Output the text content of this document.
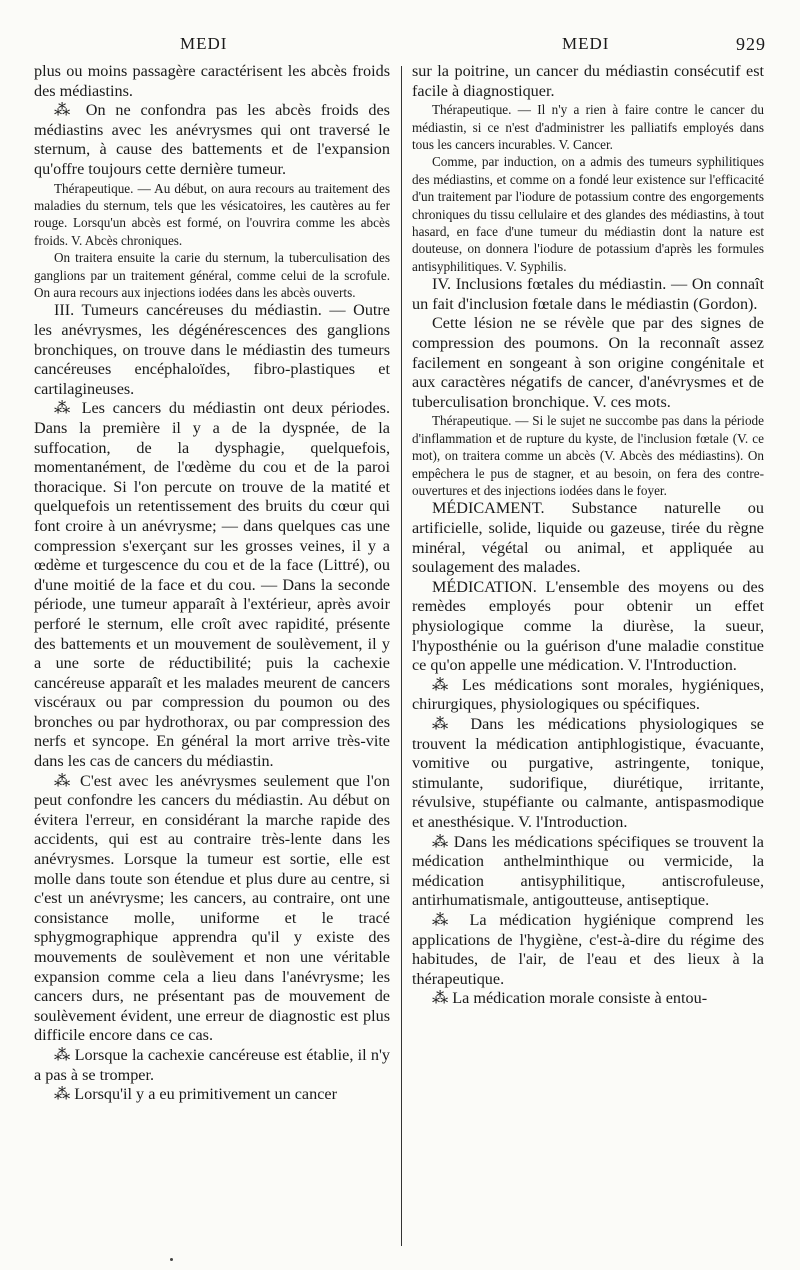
MEDI	MEDI	929

plus ou moins passagère caractérisent les abcès froids des médiastins.

⁂ On ne confondra pas les abcès froids des médiastins avec les anévrysmes qui ont traversé le sternum, à cause des battements et de l'expansion qu'offre toujours cette dernière tumeur.

Thérapeutique. — Au début, on aura recours au traitement des maladies du sternum, tels que les vésicatoires, les cautères au fer rouge. Lorsqu'un abcès est formé, on l'ouvrira comme les abcès froids. V. Abcès chroniques.

On traitera ensuite la carie du sternum, la tuberculisation des ganglions par un traitement général, comme celui de la scrofule. On aura recours aux injections iodées dans les abcès ouverts.

III. Tumeurs cancéreuses du médiastin. — Outre les anévrysmes, les dégénérescences des ganglions bronchiques, on trouve dans le médiastin des tumeurs cancéreuses encéphaloïdes, fibro-plastiques et cartilagineuses.

⁂ Les cancers du médiastin ont deux périodes. Dans la première il y a de la dyspnée, de la suffocation, de la dysphagie, quelquefois, momentanément, de l'œdème du cou et de la paroi thoracique. Si l'on percute on trouve de la matité et quelquefois un retentissement des bruits du cœur qui font croire à un anévrysme; — dans quelques cas une compression s'exerçant sur les grosses veines, il y a œdème et turgescence du cou et de la face (Littré), ou d'une moitié de la face et du cou. — Dans la seconde période, une tumeur apparaît à l'extérieur, après avoir perforé le sternum, elle croît avec rapidité, présente des battements et un mouvement de soulèvement, il y a une sorte de réductibilité; puis la cachexie cancéreuse apparaît et les malades meurent de cancers viscéraux ou par compression du poumon ou des bronches ou par hydrothorax, ou par compression des nerfs et syncope. En général la mort arrive très-vite dans les cas de cancers du médiastin.

⁂ C'est avec les anévrysmes seulement que l'on peut confondre les cancers du médiastin. Au début on évitera l'erreur, en considérant la marche rapide des accidents, qui est au contraire très-lente dans les anévrysmes. Lorsque la tumeur est sortie, elle est molle dans toute son étendue et plus dure au centre, si c'est un anévrysme; les cancers, au contraire, ont une consistance molle, uniforme et le tracé sphygmographique apprendra qu'il y existe des mouvements de soulèvement et non une véritable expansion comme cela a lieu dans l'anévrysme; les cancers durs, ne présentant pas de mouvement de soulèvement évident, une erreur de diagnostic est plus difficile encore dans ce cas.

⁂ Lorsque la cachexie cancéreuse est établie, il n'y a pas à se tromper.

⁂ Lorsqu'il y a eu primitivement un cancer

sur la poitrine, un cancer du médiastin consécutif est facile à diagnostiquer.

Thérapeutique. — Il n'y a rien à faire contre le cancer du médiastin, si ce n'est d'administrer les palliatifs employés dans tous les cancers incurables. V. Cancer.

Comme, par induction, on a admis des tumeurs syphilitiques des médiastins, et comme on a fondé leur existence sur l'efficacité d'un traitement par l'iodure de potassium contre des engorgements chroniques du tissu cellulaire et des glandes des médiastins, à tout hasard, en face d'une tumeur du médiastin dont la nature est douteuse, on donnera l'iodure de potassium d'après les formules antisyphilitiques. V. Syphilis.

IV. Inclusions fœtales du médiastin. — On connaît un fait d'inclusion fœtale dans le médiastin (Gordon).

Cette lésion ne se révèle que par des signes de compression des poumons. On la reconnaît assez facilement en songeant à son origine congénitale et aux caractères négatifs de cancer, d'anévrysmes et de tuberculisation bronchique. V. ces mots.

Thérapeutique. — Si le sujet ne succombe pas dans la période d'inflammation et de rupture du kyste, de l'inclusion fœtale (V. ce mot), on traitera comme un abcès (V. Abcès des médiastins). On empêchera le pus de stagner, et au besoin, on fera des contre-ouvertures et des injections iodées dans le foyer.

MÉDICAMENT. Substance naturelle ou artificielle, solide, liquide ou gazeuse, tirée du règne minéral, végétal ou animal, et appliquée au soulagement des malades.

MÉDICATION. L'ensemble des moyens ou des remèdes employés pour obtenir un effet physiologique comme la diurèse, la sueur, l'hyposthénie ou la guérison d'une maladie constitue ce qu'on appelle une médication. V. l'Introduction.

⁂ Les médications sont morales, hygiéniques, chirurgiques, physiologiques ou spécifiques.

⁂ Dans les médications physiologiques se trouvent la médication antiphlogistique, évacuante, vomitive ou purgative, astringente, tonique, stimulante, sudorifique, diurétique, irritante, révulsive, stupéfiante ou calmante, antispasmodique et anesthésique. V. l'Introduction.

⁂ Dans les médications spécifiques se trouvent la médication anthelminthique ou vermicide, la médication antisyphilitique, antiscrofuleuse, antirhumatismale, antigoutteuse, antiseptique.

⁂ La médication hygiénique comprend les applications de l'hygiène, c'est-à-dire du régime des habitudes, de l'air, de l'eau et des lieux à la thérapeutique.

⁂ La médication morale consiste à entou-
